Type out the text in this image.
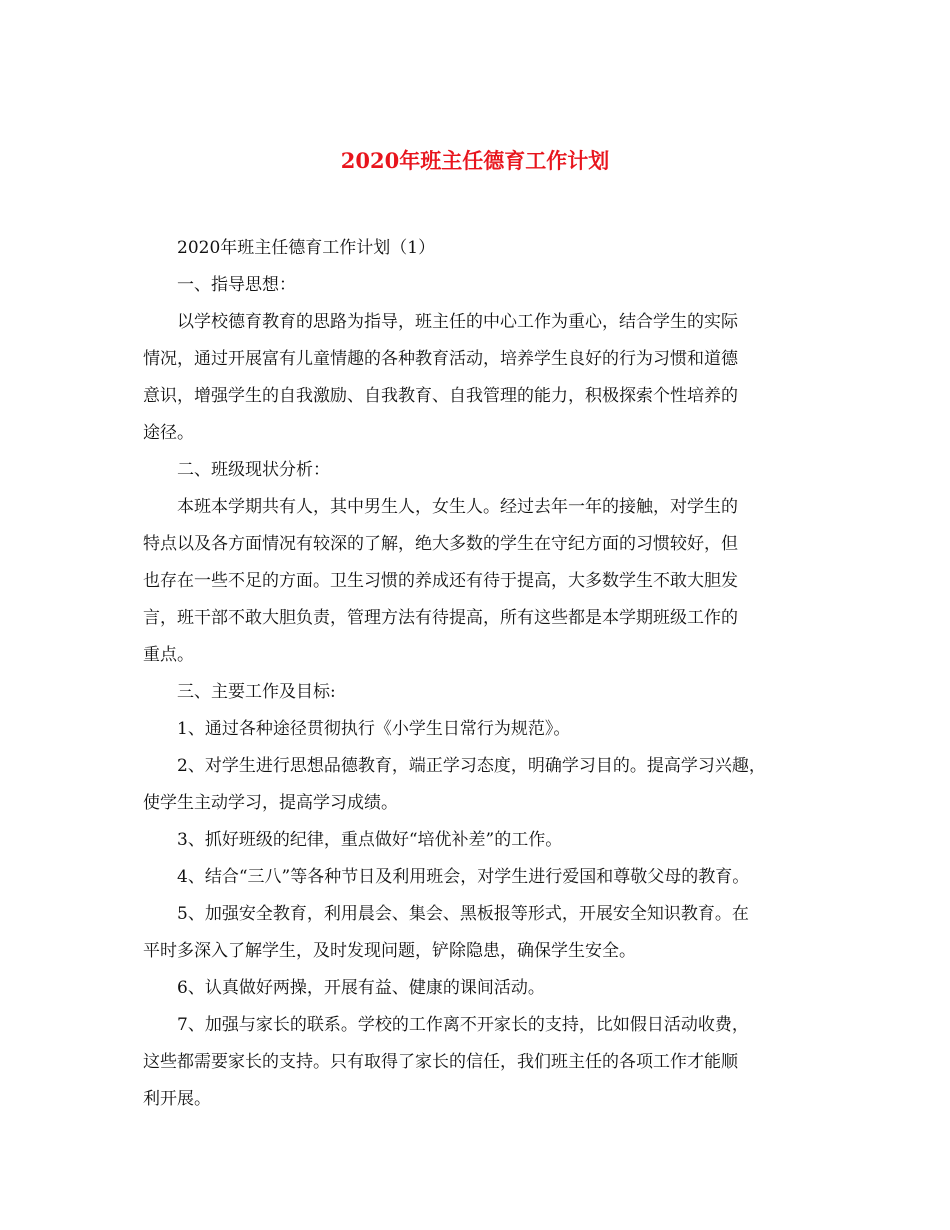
2020年班主任德育工作计划
2020年班主任德育工作计划（1）
一、指导思想：
以学校德育教育的思路为指导，班主任的中心工作为重心，结合学生的实际
情况，通过开展富有儿童情趣的各种教育活动，培养学生良好的行为习惯和道德
意识，增强学生的自我激励、自我教育、自我管理的能力，积极探索个性培养的
途径。
二、班级现状分析：
本班本学期共有人，其中男生人，女生人。经过去年一年的接触，对学生的
特点以及各方面情况有较深的了解，绝大多数的学生在守纪方面的习惯较好，但
也存在一些不足的方面。卫生习惯的养成还有待于提高，大多数学生不敢大胆发
言，班干部不敢大胆负责，管理方法有待提高，所有这些都是本学期班级工作的
重点。
三、主要工作及目标:
1、通过各种途径贯彻执行《小学生日常行为规范》。
2、对学生进行思想品德教育，端正学习态度，明确学习目的。提高学习兴趣，
使学生主动学习，提高学习成绩。
3、抓好班级的纪律，重点做好“培优补差”的工作。
4、结合“三八”等各种节日及利用班会，对学生进行爱国和尊敬父母的教育。
5、加强安全教育，利用晨会、集会、黑板报等形式，开展安全知识教育。在
平时多深入了解学生，及时发现问题，铲除隐患，确保学生安全。
6、认真做好两操，开展有益、健康的课间活动。
7、加强与家长的联系。学校的工作离不开家长的支持，比如假日活动收费，
这些都需要家长的支持。只有取得了家长的信任，我们班主任的各项工作才能顺
利开展。
